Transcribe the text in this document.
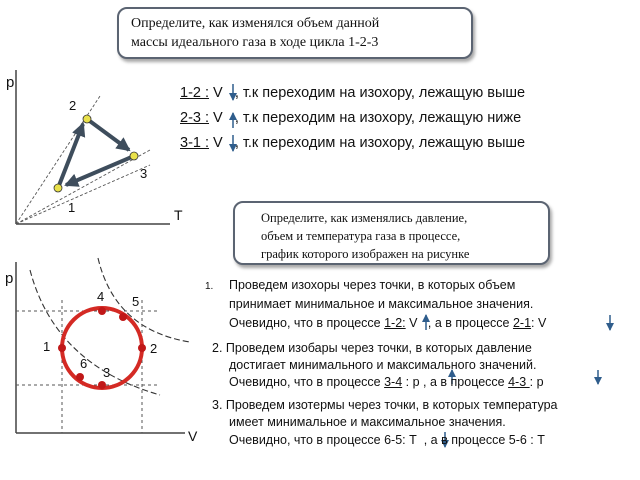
Определите, как изменялся объем данной
массы идеального газа в ходе цикла 1-2-3
Определите, как изменялись давление,
объем и температура газа в процессе,
график которого изображен на рисунке
p
T
1
2
3
1-2 : V , т.к переходим на изохору, лежащую выше
2-3 : V , т.к переходим на изохору, лежащую ниже
3-1 : V , т.к переходим на изохору, лежащую выше
p
V
1	2
3
4 5
6
1. Проведем изохоры через точки, в которых объем
принимает минимальное и максимальное значения.
Очевидно, что в процессе 1-2: V   , а в процессе 2-1: V
2. Проведем изобары через точки, в которых давление
достигает минимального и максимального значений.
Очевидно, что в процессе 3-4 : р , а в процессе 4-3 : р
3. Проведем изотермы через точки, в которых температура
имеет минимальное и максимальное значения.
Очевидно, что в процессе 6-5: Т , а в процессе 5-6 : Т
